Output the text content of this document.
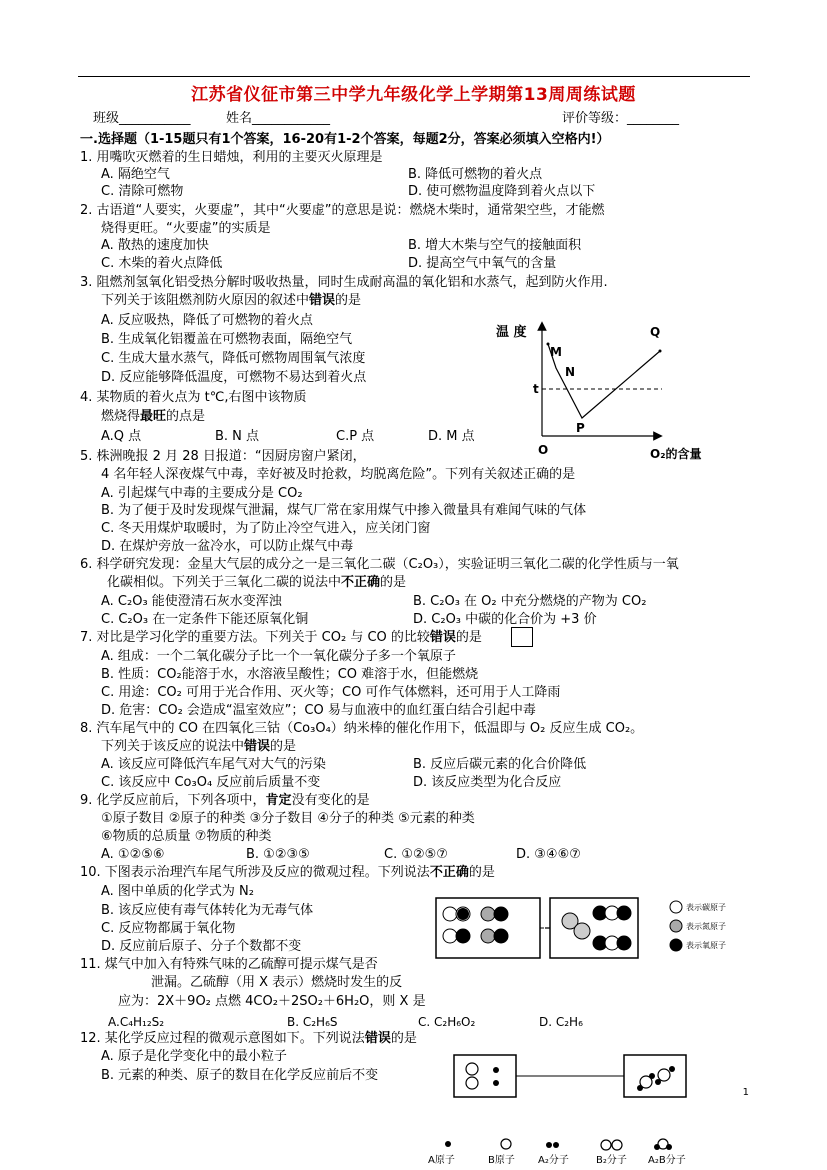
江苏省仪征市第三中学九年级化学上学期第13周周练试题
班级___________	姓名____________	评价等级：________
一.选择题（1-15题只有1个答案，16-20有1-2个答案，每题2分，答案必须填入空格内!）
1. 用嘴吹灭燃着的生日蜡烛，利用的主要灭火原理是
A. 隔绝空气	B. 降低可燃物的着火点
C. 清除可燃物	D. 使可燃物温度降到着火点以下
2. 古语道“人要实，火要虚”，其中“火要虚”的意思是说：燃烧木柴时，通常架空些，才能燃
烧得更旺。“火要虚”的实质是
A. 散热的速度加快	B. 增大木柴与空气的接触面积
C. 木柴的着火点降低	D. 提高空气中氧气的含量
3. 阻燃剂氢氧化铝受热分解时吸收热量，同时生成耐高温的氧化铝和水蒸气，起到防火作用.
下列关于该阻燃剂防火原因的叙述中错误的是
A. 反应吸热，降低了可燃物的着火点
B. 生成氧化铝覆盖在可燃物表面，隔绝空气
C. 生成大量水蒸气，降低可燃物周围氧气浓度
D. 反应能够降低温度，可燃物不易达到着火点
4. 某物质的着火点为 t℃,右图中该物质
燃烧得最旺的点是
A.Q 点	B. N 点	C.P 点	D. M 点
温 度	Q
M
N
t
P
O	O₂的含量
5. 株洲晚报 2 月 28 日报道：“因厨房窗户紧闭，
4 名年轻人深夜煤气中毒，幸好被及时抢救，均脱离危险”。下列有关叙述正确的是
A. 引起煤气中毒的主要成分是 CO₂
B. 为了便于及时发现煤气泄漏，煤气厂常在家用煤气中掺入微量具有难闻气味的气体
C. 冬天用煤炉取暖时，为了防止冷空气进入，应关闭门窗
D. 在煤炉旁放一盆冷水，可以防止煤气中毒
6. 科学研究发现：金星大气层的成分之一是三氧化二碳（C₂O₃），实验证明三氧化二碳的化学性质与一氧
化碳相似。下列关于三氧化二碳的说法中不正确的是
A. C₂O₃ 能使澄清石灰水变浑浊	B. C₂O₃ 在 O₂ 中充分燃烧的产物为 CO₂
C. C₂O₃ 在一定条件下能还原氧化铜	D. C₂O₃ 中碳的化合价为 +3 价
7. 对比是学习化学的重要方法。下列关于 CO₂ 与 CO 的比较错误的是
A. 组成：一个二氧化碳分子比一个一氧化碳分子多一个氧原子
B. 性质：CO₂能溶于水，水溶液呈酸性；CO 难溶于水，但能燃烧
C. 用途：CO₂ 可用于光合作用、灭火等；CO 可作气体燃料，还可用于人工降雨
D. 危害：CO₂ 会造成“温室效应”；CO 易与血液中的血红蛋白结合引起中毒
8. 汽车尾气中的 CO 在四氧化三钴（Co₃O₄）纳米棒的催化作用下，低温即与 O₂ 反应生成 CO₂。
下列关于该反应的说法中错误的是
A. 该反应可降低汽车尾气对大气的污染	B. 反应后碳元素的化合价降低
C. 该反应中 Co₃O₄ 反应前后质量不变	D. 该反应类型为化合反应
9. 化学反应前后，下列各项中，肯定没有变化的是
①原子数目 ②原子的种类 ③分子数目 ④分子的种类 ⑤元素的种类
⑥物质的总质量 ⑦物质的种类
A. ①②⑤⑥	B. ①②③⑤	C. ①②⑤⑦	D. ③④⑥⑦
10. 下图表示治理汽车尾气所涉及反应的微观过程。下列说法不正确的是
A. 图中单质的化学式为 N₂
B. 该反应使有毒气体转化为无毒气体
C. 反应物都属于氧化物
D. 反应前后原子、分子个数都不变
表示碳原子
表示氮原子
表示氧原子
11. 煤气中加入有特殊气味的乙硫醇可提示煤气是否
泄漏。乙硫醇（用 X 表示）燃烧时发生的反
应为：2X＋9O₂ 点燃 4CO₂＋2SO₂＋6H₂O，则 X 是
A.C₄H₁₂S₂	B. C₂H₆S	C. C₂H₆O₂	D. C₂H₆
12. 某化学反应过程的微观示意图如下。下列说法错误的是
A. 原子是化学变化中的最小粒子
B. 元素的种类、原子的数目在化学反应前后不变
A原子	B原子 A₂分子	B₂分子 A₂B分子
1
